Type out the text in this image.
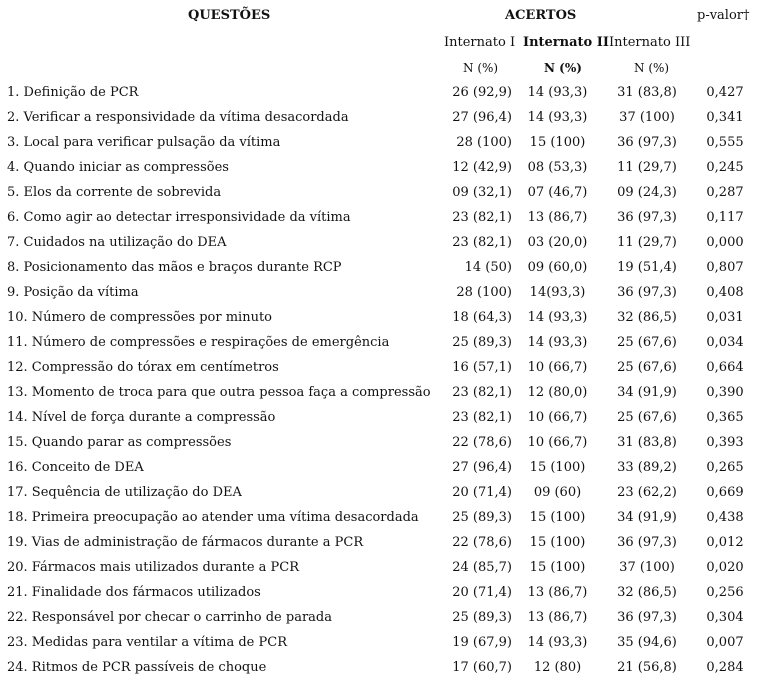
QUESTÕES	ACERTOS	p-valor†
Internato I Internato II Internato III
N (%)	N (%)	N (%)
1. Definição de PCR	26 (92,9)	14 (93,3)	31 (83,8)	0,427
2. Verificar a responsividade da vítima desacordada	27 (96,4)	14 (93,3)	37 (100)	0,341
3. Local para verificar pulsação da vítima	28 (100)	15 (100)	36 (97,3)	0,555
4. Quando iniciar as compressões	12 (42,9)	08 (53,3)	11 (29,7)	0,245
5. Elos da corrente de sobrevida	09 (32,1)	07 (46,7)	09 (24,3)	0,287
6. Como agir ao detectar irresponsividade da vítima	23 (82,1)	13 (86,7)	36 (97,3)	0,117
7. Cuidados na utilização do DEA	23 (82,1)	03 (20,0)	11 (29,7)	0,000
8. Posicionamento das mãos e braços durante RCP	14 (50)	09 (60,0)	19 (51,4)	0,807
9. Posição da vítima	28 (100)	14(93,3)	36 (97,3)	0,408
10. Número de compressões por minuto	18 (64,3)	14 (93,3)	32 (86,5)	0,031
11. Número de compressões e respirações de emergência	25 (89,3)	14 (93,3)	25 (67,6)	0,034
12. Compressão do tórax em centímetros	16 (57,1)	10 (66,7)	25 (67,6)	0,664
13. Momento de troca para que outra pessoa faça a compressão	23 (82,1)	12 (80,0)	34 (91,9)	0,390
14. Nível de força durante a compressão	23 (82,1)	10 (66,7)	25 (67,6)	0,365
15. Quando parar as compressões	22 (78,6)	10 (66,7)	31 (83,8)	0,393
16. Conceito de DEA	27 (96,4)	15 (100)	33 (89,2)	0,265
17. Sequência de utilização do DEA	20 (71,4)	09 (60)	23 (62,2)	0,669
18. Primeira preocupação ao atender uma vítima desacordada	25 (89,3)	15 (100)	34 (91,9)	0,438
19. Vias de administração de fármacos durante a PCR	22 (78,6)	15 (100)	36 (97,3)	0,012
20. Fármacos mais utilizados durante a PCR	24 (85,7)	15 (100)	37 (100)	0,020
21. Finalidade dos fármacos utilizados	20 (71,4)	13 (86,7)	32 (86,5)	0,256
22. Responsável por checar o carrinho de parada	25 (89,3)	13 (86,7)	36 (97,3)	0,304
23. Medidas para ventilar a vítima de PCR	19 (67,9)	14 (93,3)	35 (94,6)	0,007
24. Ritmos de PCR passíveis de choque	17 (60,7)	12 (80)	21 (56,8)	0,284
